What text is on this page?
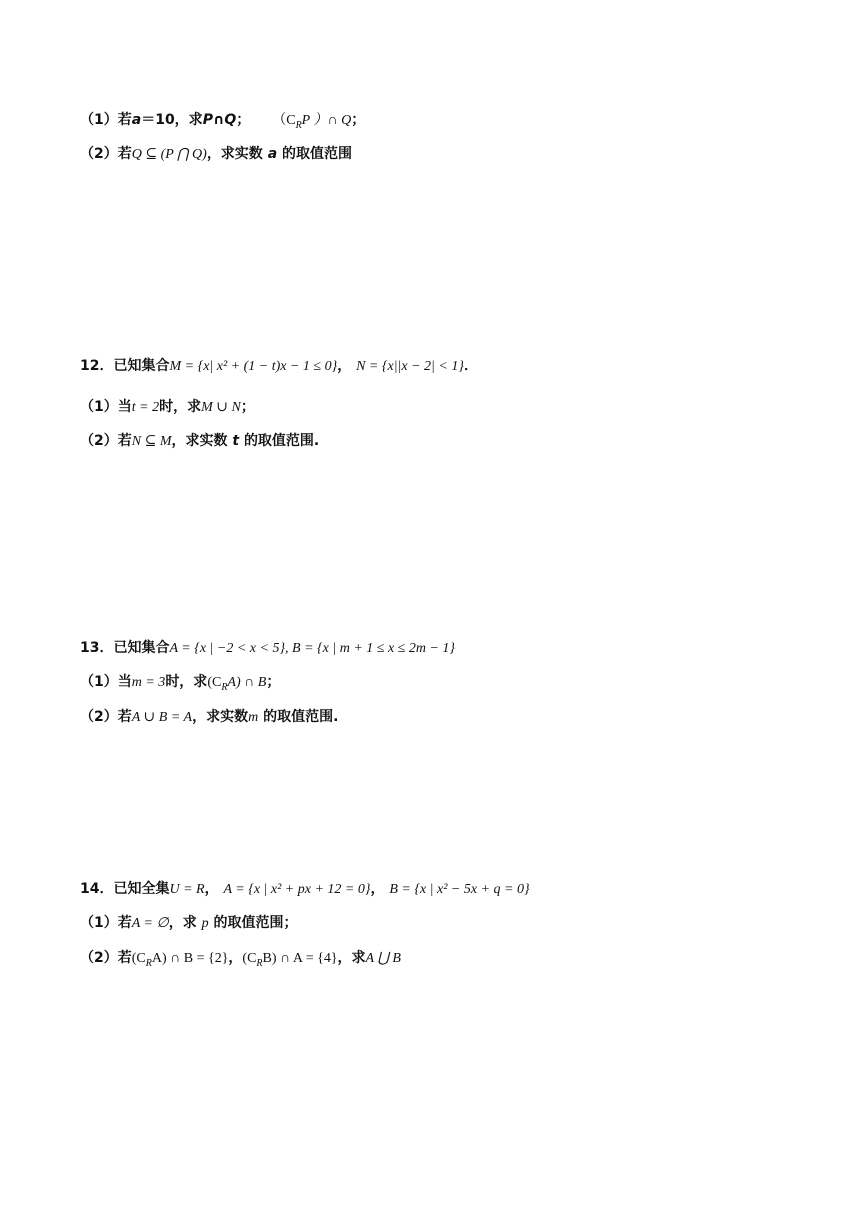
（1）若a＝10，求P∩Q； （$C_RP$ ）∩ Q；
（2）若Q ⊆ (P ⋂ Q)，求实数 a 的取值范围
12．已知集合M = {x| x² + (1 − t)x − 1 ≤ 0}， N = {x||x − 2| < 1}．
（1）当t = 2时，求M ∪ N；
（2）若N ⊆ M，求实数 t 的取值范围.
13．已知集合A = {x | −2 < x < 5}, B = {x | m + 1 ≤ x ≤ 2m − 1}
（1）当m = 3时，求$(C_RA)$ ∩ B；
（2）若A ∪ B = A，求实数m 的取值范围.
14．已知全集U = R， A = {x | x² + px + 12 = 0}， B = {x | x² − 5x + q = 0}
（1）若A = ∅，求 p 的取值范围；
（2）若$(C_RA)$ ∩ B = {2}，$(C_RB)$ ∩ A = {4}，求A ⋃ B
